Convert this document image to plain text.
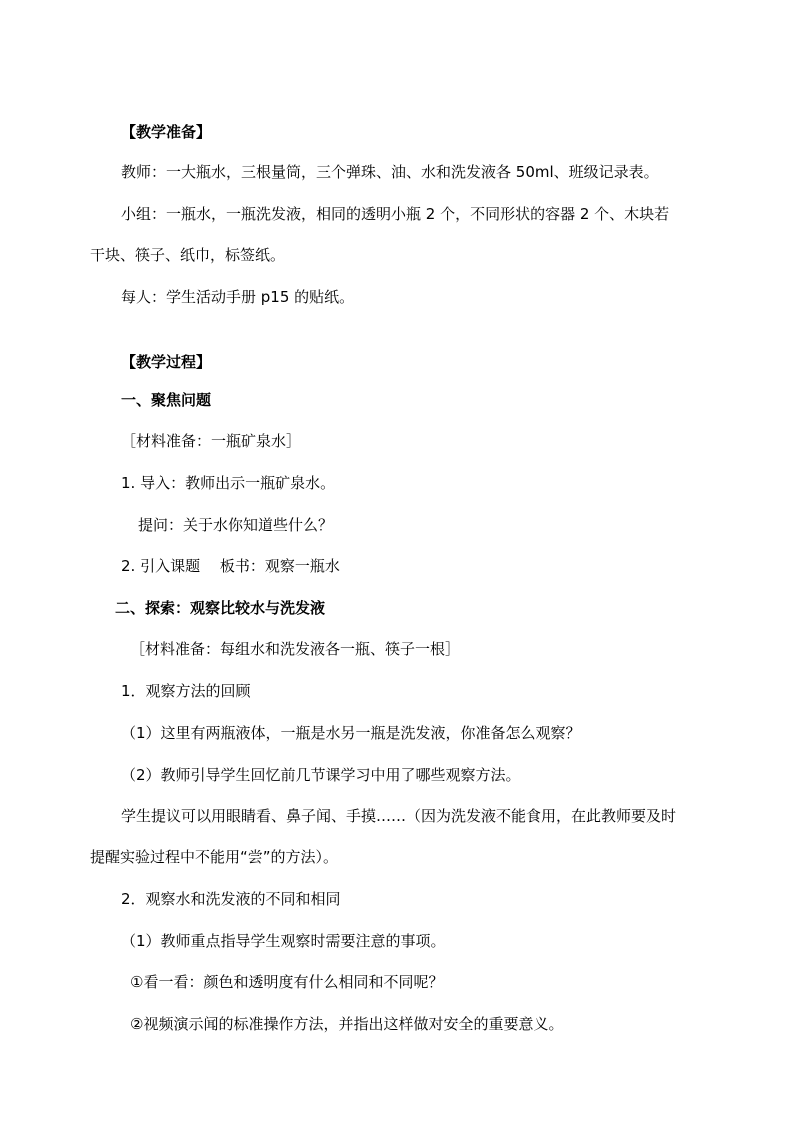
【教学准备】
教师：一大瓶水，三根量筒，三个弹珠、油、水和洗发液各 50ml、班级记录表。
小组：一瓶水，一瓶洗发液，相同的透明小瓶 2 个，不同形状的容器 2 个、木块若
干块、筷子、纸巾，标签纸。
每人：学生活动手册 p15 的贴纸。
【教学过程】
一、聚焦问题
［材料准备：一瓶矿泉水］
1. 导入：教师出示一瓶矿泉水。
提问：关于水你知道些什么？
2. 引入课题　 板书：观察一瓶水
二、探索：观察比较水与洗发液
［材料准备：每组水和洗发液各一瓶、筷子一根］
1．观察方法的回顾
（1）这里有两瓶液体，一瓶是水另一瓶是洗发液，你准备怎么观察？
（2）教师引导学生回忆前几节课学习中用了哪些观察方法。
学生提议可以用眼睛看、鼻子闻、手摸……（因为洗发液不能食用，在此教师要及时
提醒实验过程中不能用“尝”的方法）。
2．观察水和洗发液的不同和相同
（1）教师重点指导学生观察时需要注意的事项。
①看一看：颜色和透明度有什么相同和不同呢？
②视频演示闻的标准操作方法，并指出这样做对安全的重要意义。
